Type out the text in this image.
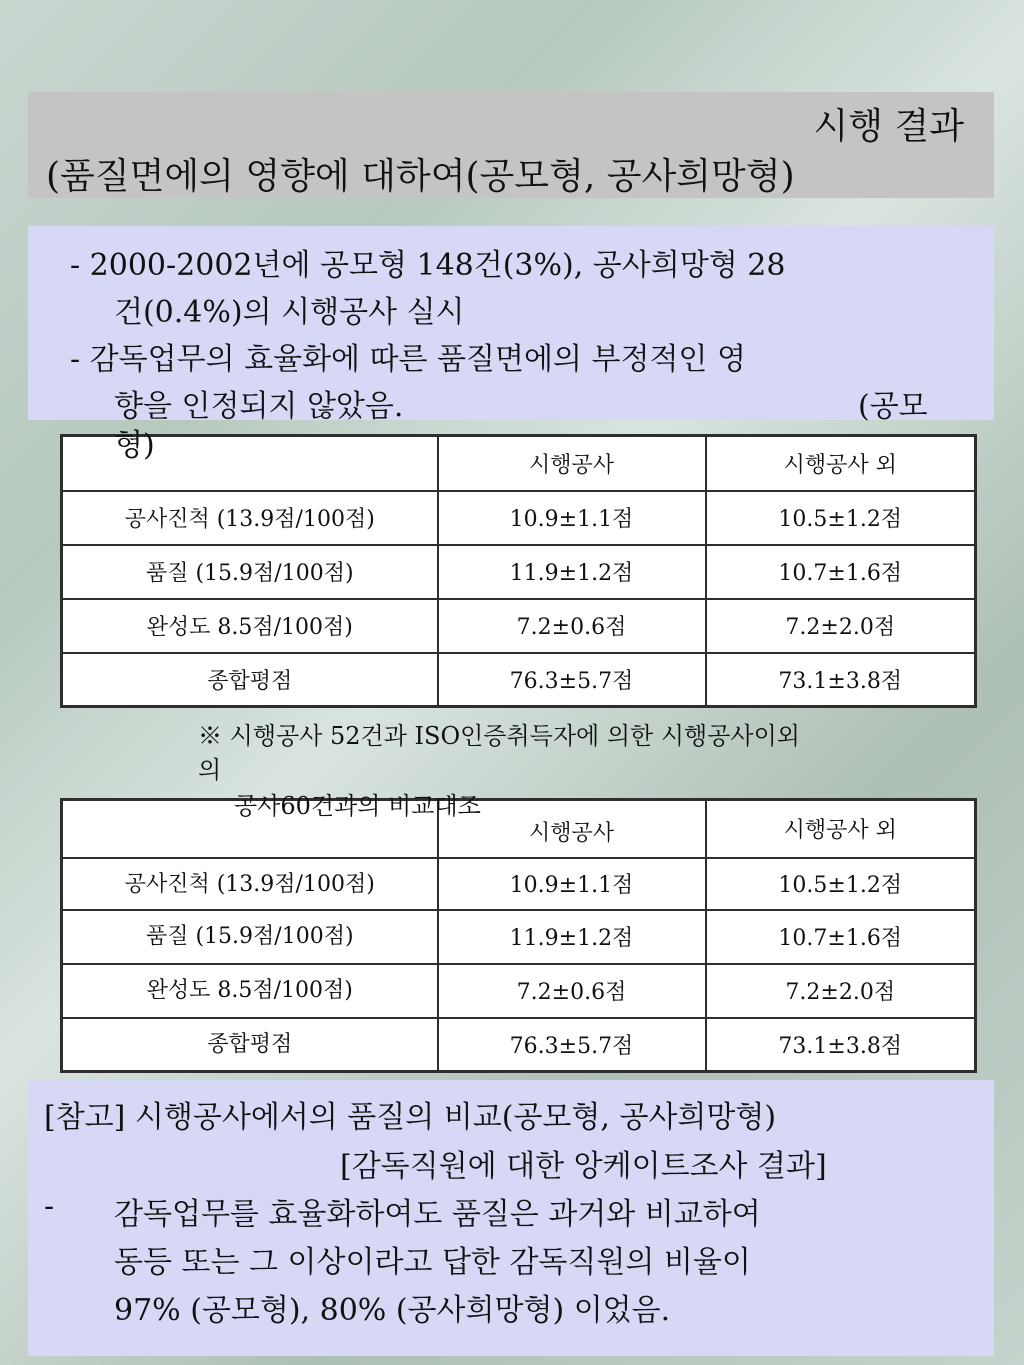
시행 결과
(품질면에의 영향에 대하여(공모형, 공사희망형)
- 2000-2002년에 공모형 148건(3%), 공사희망형 28
건(0.4%)의 시행공사 실시
- 감독업무의 효율화에 따른 품질면에의 부정적인 영
향을 인정되지 않았음.	(공모
	시행공사	시행공사 외
공사진척 (13.9점/100점)	10.9±1.1점	10.5±1.2점
품질 (15.9점/100점)	11.9±1.2점	10.7±1.6점
완성도 8.5점/100점)	7.2±0.6점	7.2±2.0점
종합평점	76.3±5.7점	73.1±3.8점
형)
※ 시행공사 52건과 ISO인증취득자에 의한 시행공사이외
의
	시행공사	시행공사 외
공사진척 (13.9점/100점)	10.9±1.1점	10.5±1.2점
품질 (15.9점/100점)	11.9±1.2점	10.7±1.6점
완성도 8.5점/100점)	7.2±0.6점	7.2±2.0점
종합평점	76.3±5.7점	73.1±3.8점
공사60건과의 비교대조
[참고] 시행공사에서의 품질의 비교(공모형, 공사희망형)
[감독직원에 대한 앙케이트조사 결과]
- 감독업무를 효율화하여도 품질은 과거와 비교하여
동등 또는 그 이상이라고 답한 감독직원의 비율이
97% (공모형), 80% (공사희망형) 이었음.
